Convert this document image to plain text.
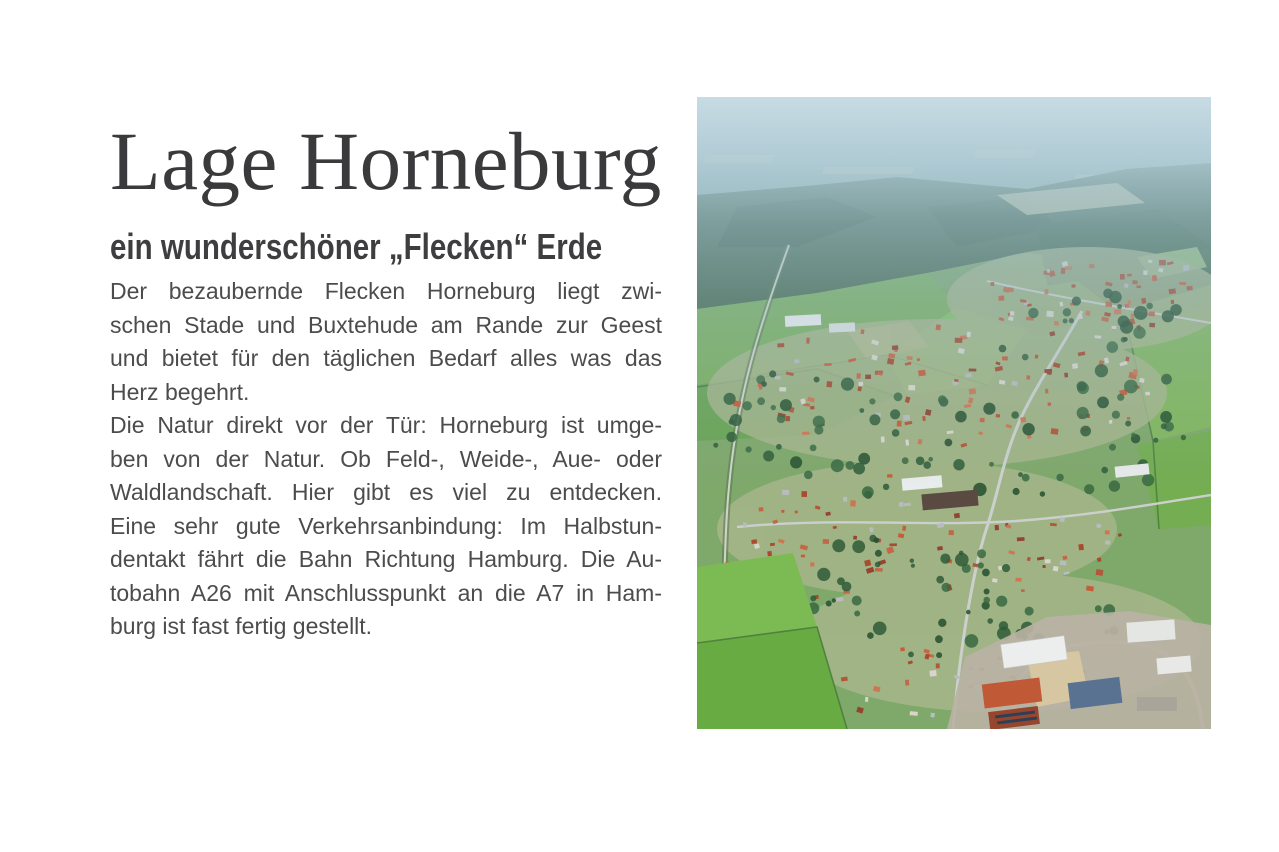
Lage Horneburg
ein wunderschöner „Flecken“ Erde
Der bezaubernde Flecken Horneburg liegt zwi-
schen Stade und Buxtehude am Rande zur Geest
und bietet für den täglichen Bedarf alles was das
Herz begehrt.
Die Natur direkt vor der Tür: Horneburg ist umge-
ben von der Natur. Ob Feld-, Weide-, Aue- oder
Waldlandschaft. Hier gibt es viel zu entdecken.
Eine sehr gute Verkehrsanbindung: Im Halbstun-
dentakt fährt die Bahn Richtung Hamburg. Die Au-
tobahn A26 mit Anschlusspunkt an die A7 in Ham-
burg ist fast fertig gestellt.
